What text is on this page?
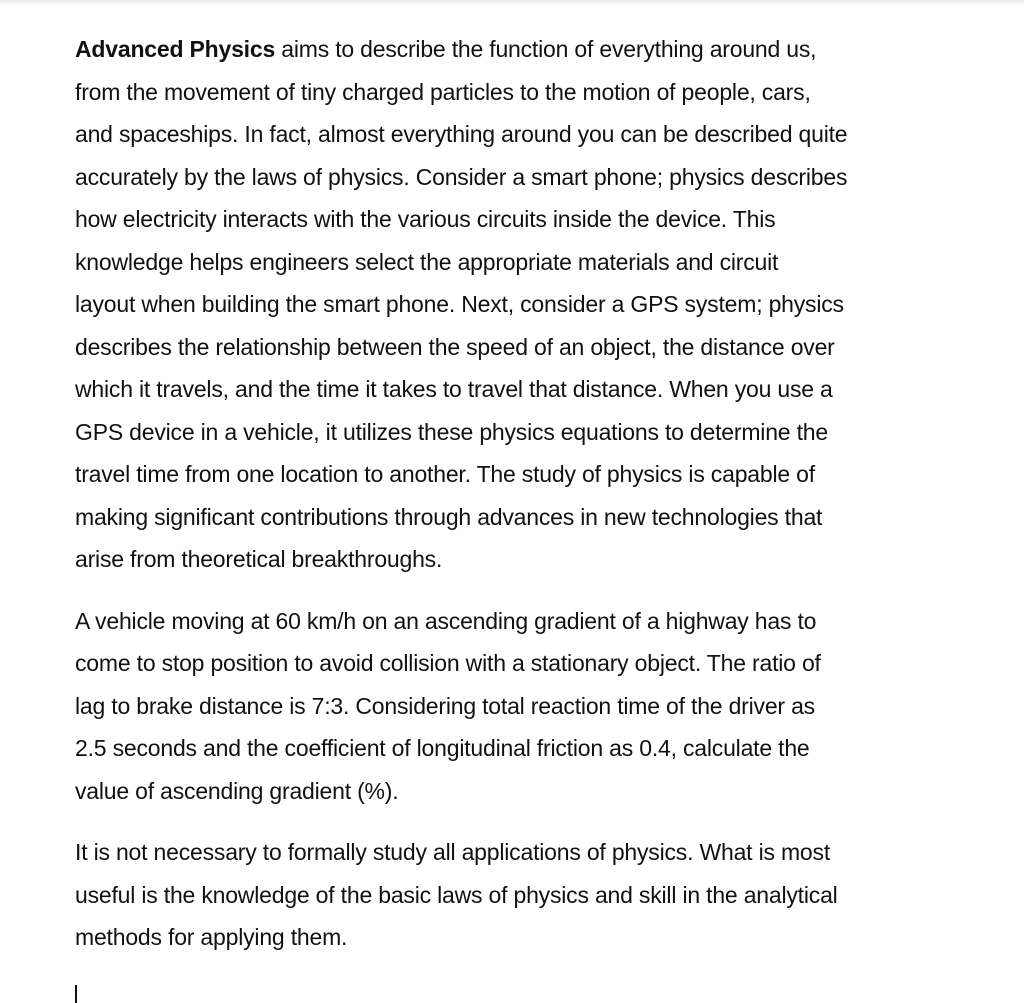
Advanced Physics aims to describe the function of everything around us,
from the movement of tiny charged particles to the motion of people, cars,
and spaceships. In fact, almost everything around you can be described quite
accurately by the laws of physics. Consider a smart phone; physics describes
how electricity interacts with the various circuits inside the device. This
knowledge helps engineers select the appropriate materials and circuit
layout when building the smart phone. Next, consider a GPS system; physics
describes the relationship between the speed of an object, the distance over
which it travels, and the time it takes to travel that distance. When you use a
GPS device in a vehicle, it utilizes these physics equations to determine the
travel time from one location to another. The study of physics is capable of
making significant contributions through advances in new technologies that
arise from theoretical breakthroughs.

A vehicle moving at 60 km/h on an ascending gradient of a highway has to
come to stop position to avoid collision with a stationary object. The ratio of
lag to brake distance is 7:3. Considering total reaction time of the driver as
2.5 seconds and the coefficient of longitudinal friction as 0.4, calculate the
value of ascending gradient (%).

It is not necessary to formally study all applications of physics. What is most
useful is the knowledge of the basic laws of physics and skill in the analytical
methods for applying them.
